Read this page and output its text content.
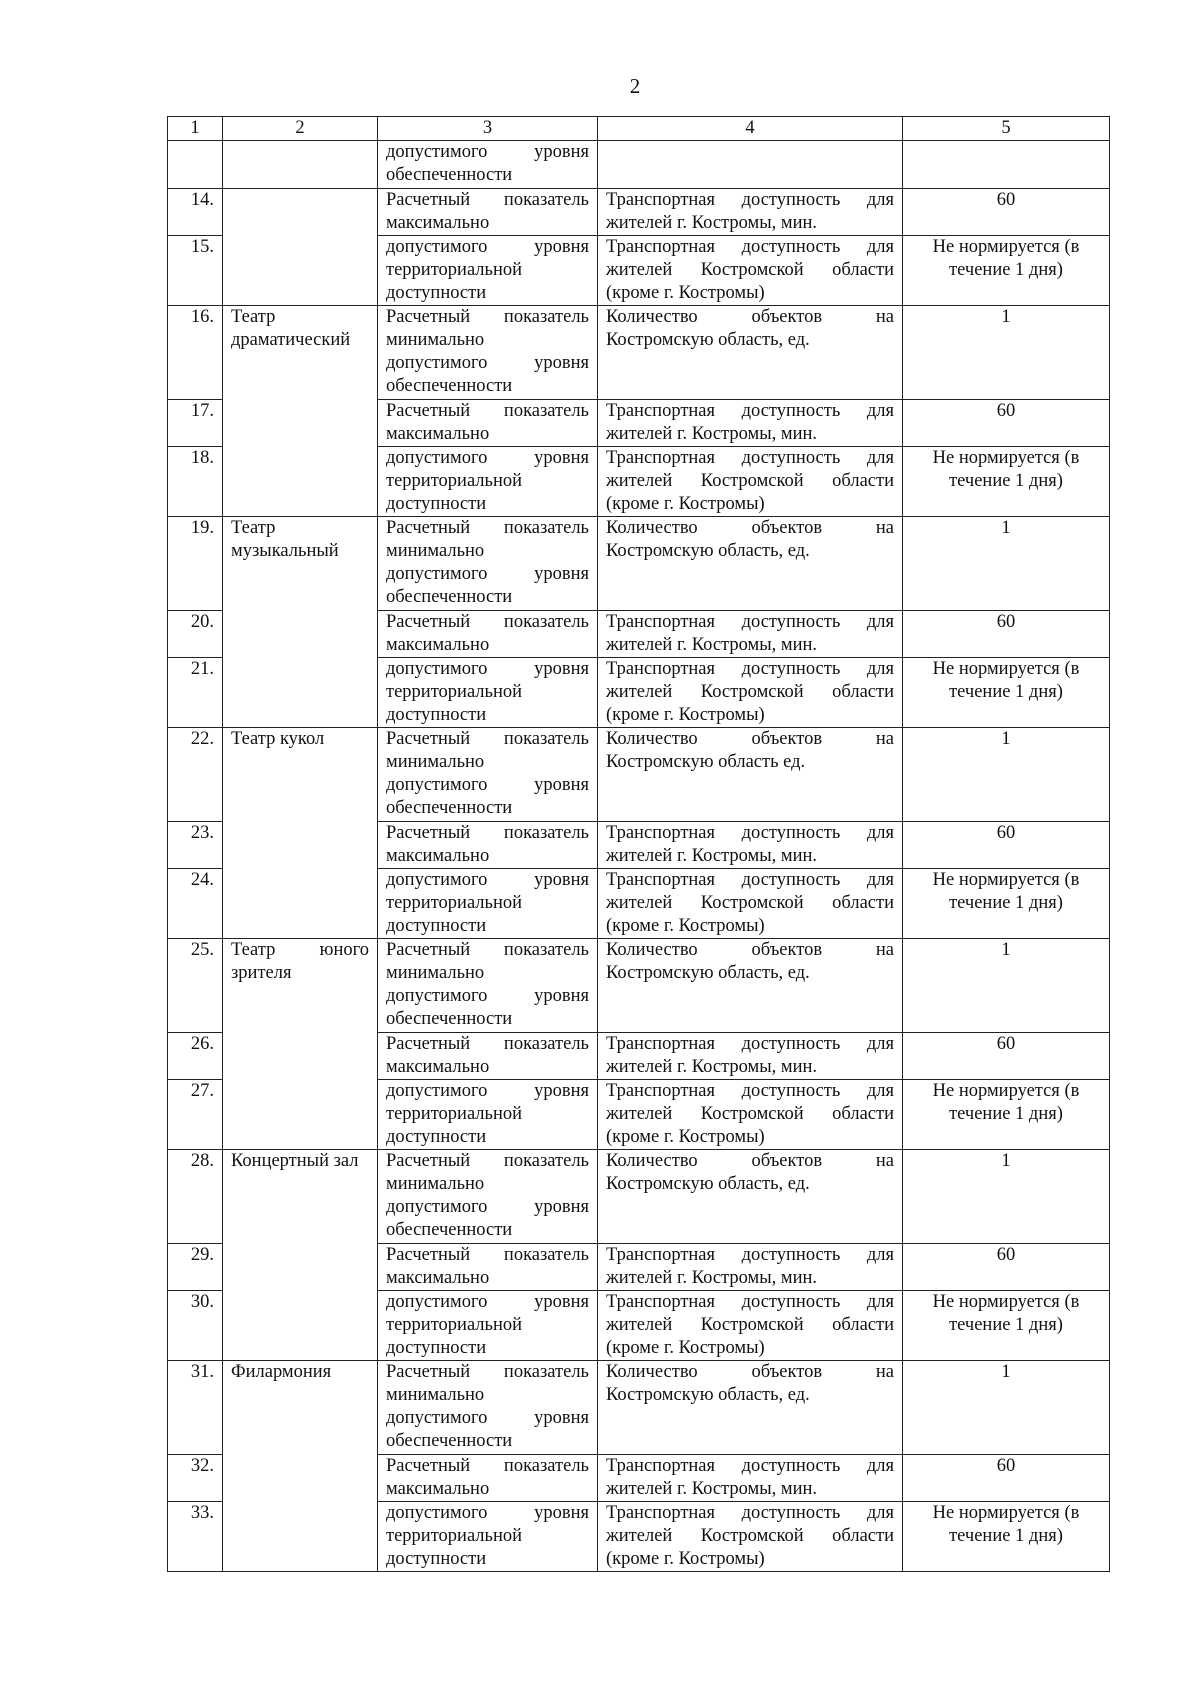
2
1	2	3	4	5
		допустимого уровня обеспеченности		
14.		Расчетный показатель максимально	Транспортная доступность для жителей г. Костромы, мин.	60
15.		допустимого уровня территориальной доступности	Транспортная доступность для жителей Костромской области (кроме г. Костромы)	Не нормируется (в течение 1 дня)
16.	Театр драматический	Расчетный показатель минимально допустимого уровня обеспеченности	Количество объектов на Костромскую область, ед.	1
17.		Расчетный показатель максимально	Транспортная доступность для жителей г. Костромы, мин.	60
18.		допустимого уровня территориальной доступности	Транспортная доступность для жителей Костромской области (кроме г. Костромы)	Не нормируется (в течение 1 дня)
19.	Театр музыкальный	Расчетный показатель минимально допустимого уровня обеспеченности	Количество объектов на Костромскую область, ед.	1
20.		Расчетный показатель максимально	Транспортная доступность для жителей г. Костромы, мин.	60
21.		допустимого уровня территориальной доступности	Транспортная доступность для жителей Костромской области (кроме г. Костромы)	Не нормируется (в течение 1 дня)
22.	Театр кукол	Расчетный показатель минимально допустимого уровня обеспеченности	Количество объектов на Костромскую область ед.	1
23.		Расчетный показатель максимально	Транспортная доступность для жителей г. Костромы, мин.	60
24.		допустимого уровня территориальной доступности	Транспортная доступность для жителей Костромской области (кроме г. Костромы)	Не нормируется (в течение 1 дня)
25.	Театр юного зрителя	Расчетный показатель минимально допустимого уровня обеспеченности	Количество объектов на Костромскую область, ед.	1
26.		Расчетный показатель максимально	Транспортная доступность для жителей г. Костромы, мин.	60
27.		допустимого уровня территориальной доступности	Транспортная доступность для жителей Костромской области (кроме г. Костромы)	Не нормируется (в течение 1 дня)
28.	Концертный зал	Расчетный показатель минимально допустимого уровня обеспеченности	Количество объектов на Костромскую область, ед.	1
29.		Расчетный показатель максимально	Транспортная доступность для жителей г. Костромы, мин.	60
30.		допустимого уровня территориальной доступности	Транспортная доступность для жителей Костромской области (кроме г. Костромы)	Не нормируется (в течение 1 дня)
31.	Филармония	Расчетный показатель минимально допустимого уровня обеспеченности	Количество объектов на Костромскую область, ед.	1
32.		Расчетный показатель максимально	Транспортная доступность для жителей г. Костромы, мин.	60
33.		допустимого уровня территориальной доступности	Транспортная доступность для жителей Костромской области (кроме г. Костромы)	Не нормируется (в течение 1 дня)
